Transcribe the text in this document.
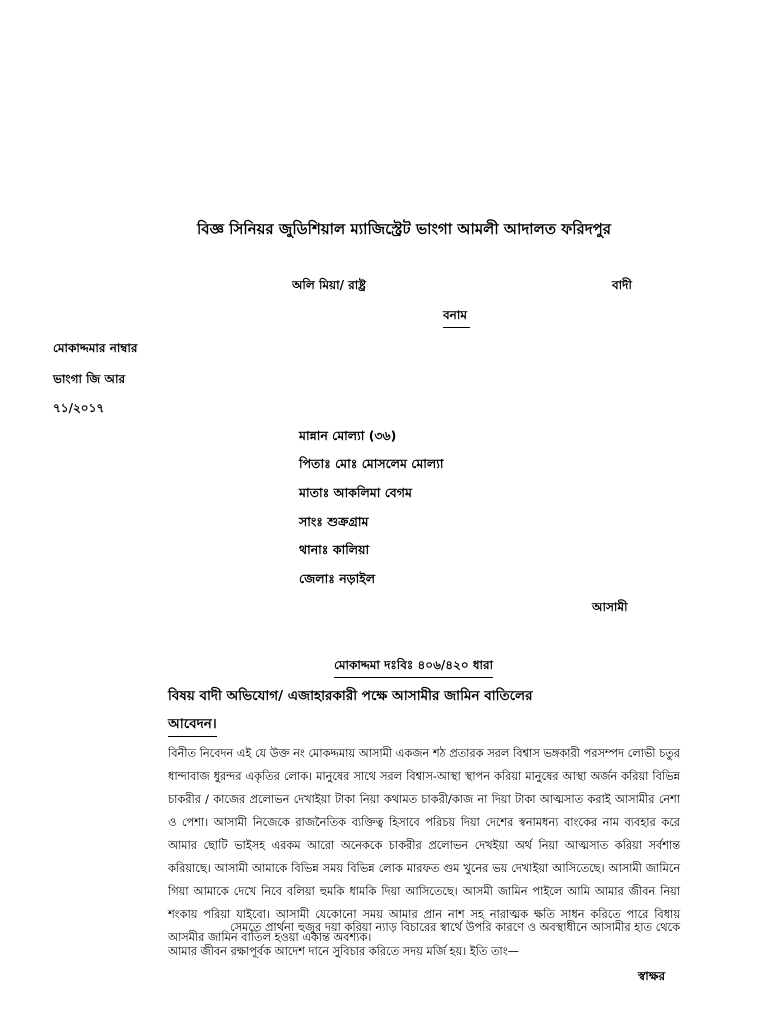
বিজ্ঞ সিনিয়র জুডিশিয়াল ম্যাজিস্ট্রেট ভাংগা আমলী আদালত ফরিদপুর
অলি মিয়া/ রাষ্ট্র	বাদী
বনাম
মোকাদ্দমার নাম্বার
ভাংগা জি আর
৭১/২০১৭
মান্নান মোল্যা (৩৬)
পিতাঃ মোঃ মোসলেম মোল্যা
মাতাঃ আকলিমা বেগম
সাংঃ শুক্রগ্রাম
থানাঃ কালিয়া
জেলাঃ নড়াইল
আসামী
মোকাদ্দমা দঃবিঃ ৪০৬/৪২০ ধারা
বিষয় বাদী অভিযোগ/ এজাহারকারী পক্ষে আসামীর জামিন বাতিলের
আবেদন।

বিনীত নিবেদন এই যে উক্ত নং মোকদ্দমায় আসামী একজন শঠ প্রতারক সরল বিশ্বাস ভঙ্গকারী পরসম্পদ লোভী চতুর ধান্দাবাজ ধুরন্দর একৃতির লোক। মানুষের সাথে সরল বিশ্বাস-আস্থা স্থাপন করিয়া মানুষের আস্থা অর্জন করিয়া বিভিন্ন চাকরীর / কাজের প্রলোভন দেখাইয়া টাকা নিয়া কথামত চাকরী/কাজ না দিয়া টাকা আত্মসাত করাই আসামীর নেশা ও পেশা। আসামী নিজেকে রাজনৈতিক ব্যক্তিত্ব হিসাবে পরিচয় দিয়া দেশের স্বনামধন্য বাংকের নাম ব্যবহার করে আমার ছোটি ভাইসহ এরকম আরো অনেককে চাকরীর প্রলোভন দেখইয়া অর্থ নিয়া আত্মসাত করিয়া সর্বশান্ত করিয়াছে। আসামী আমাকে বিভিন্ন সময় বিভিন্ন লোক মারফত গুম খুনের ভয় দেখাইয়া আসিতেছে। আসামী জামিনে গিয়া আমাকে দেখে নিবে বলিয়া হুমকি ধামকি দিয়া আসিতেছে। আসমী জামিন পাইলে আমি আমার জীবন নিয়া শংকায় পরিয়া যাইবো। আসামী যেকোনো সময় আমার প্রান নাশ সহ নারাত্মক ক্ষতি সাধন করিতে পারে বিধায় আসমীর জামিন বাতিল হওয়া একান্ত অবশ্যক।

সেমতে প্রার্থনা হুজুর দয়া করিয়া ন্যাড় বিচারের স্বার্থে উপরি কারণে ও অবস্থাধীনে আসামীর হাত থেকে আমার জীবন রক্ষাপূর্বক আদেশ দানে সুবিচার করিতে সদয় মর্জি হয়। ইতি তাং—

স্বাক্ষর
